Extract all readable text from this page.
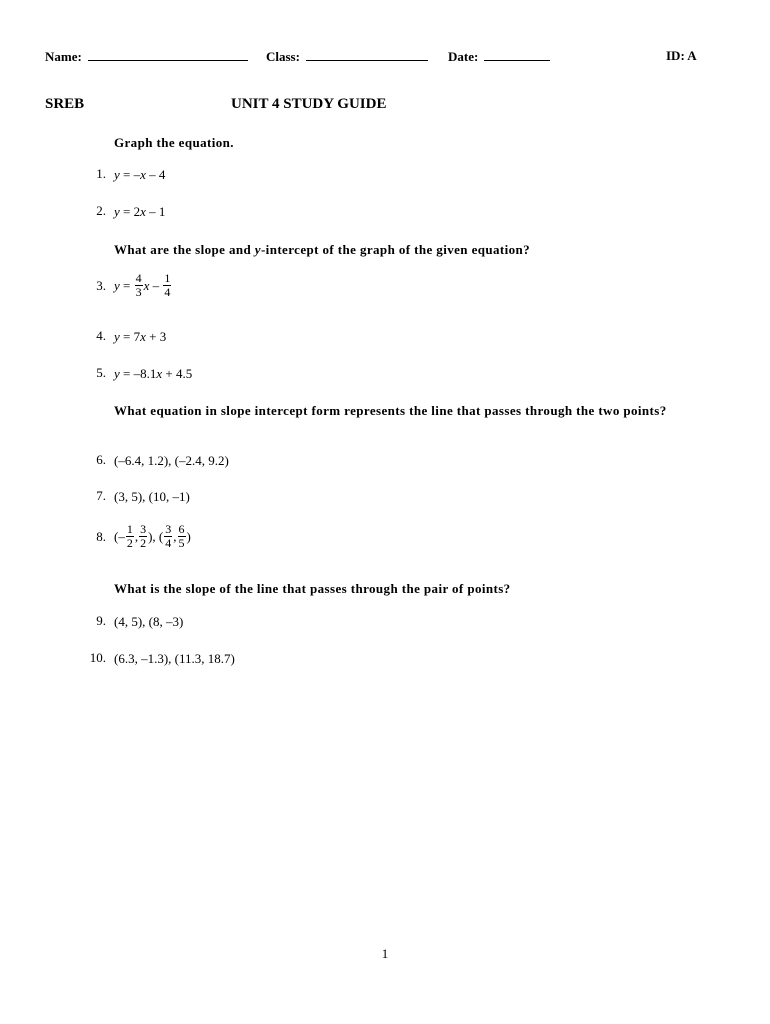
Name:	Class:	Date:	ID: A
SREB	UNIT 4 STUDY GUIDE
Graph the equation.
1. y = –x – 4
2. y = 2x – 1
What are the slope and y-intercept of the graph of the given equation?
3. $y = \frac{4}{3}$ x – $\frac{1}{4}$
4. y = 7x + 3
5. y = –8.1x + 4.5
What equation in slope intercept form represents the line that passes through the two points?
6. (–6.4, 1.2), (–2.4, 9.2)
7. (3, 5), (10, –1)
8. (– $\frac{1}{2}$ , $\frac{3}{2}$ ), ( $\frac{3}{4}$ , $\frac{6}{5}$ )
What is the slope of the line that passes through the pair of points?
9. (4, 5), (8, –3)
10. (6.3, –1.3), (11.3, 18.7)
1
